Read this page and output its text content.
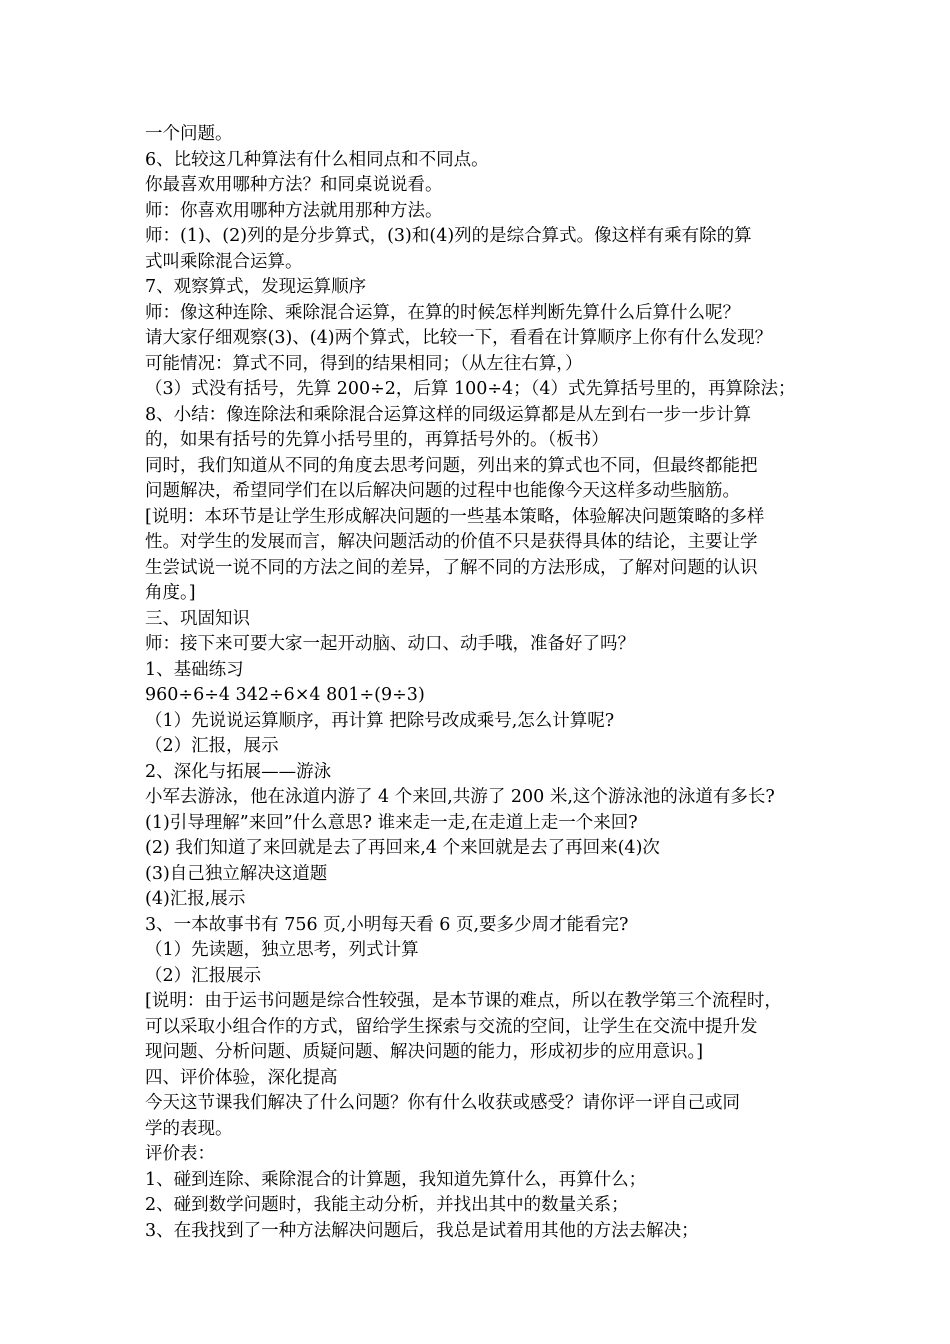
一个问题。
6、比较这几种算法有什么相同点和不同点。
你最喜欢用哪种方法？和同桌说说看。
师：你喜欢用哪种方法就用那种方法。
师：(1)、(2)列的是分步算式，(3)和(4)列的是综合算式。像这样有乘有除的算
式叫乘除混合运算。
7、观察算式，发现运算顺序
师：像这种连除、乘除混合运算，在算的时候怎样判断先算什么后算什么呢？
请大家仔细观察(3)、(4)两个算式，比较一下，看看在计算顺序上你有什么发现？
可能情况：算式不同，得到的结果相同；（从左往右算，）
（3）式没有括号，先算 200÷2，后算 100÷4；（4）式先算括号里的，再算除法；
8、小结：像连除法和乘除混合运算这样的同级运算都是从左到右一步一步计算
的，如果有括号的先算小括号里的，再算括号外的。（板书）
同时，我们知道从不同的角度去思考问题，列出来的算式也不同，但最终都能把
问题解决，希望同学们在以后解决问题的过程中也能像今天这样多动些脑筋。
[说明：本环节是让学生形成解决问题的一些基本策略，体验解决问题策略的多样
性。对学生的发展而言，解决问题活动的价值不只是获得具体的结论，主要让学
生尝试说一说不同的方法之间的差异，了解不同的方法形成，了解对问题的认识
角度。]
三、巩固知识
师：接下来可要大家一起开动脑、动口、动手哦，准备好了吗？
1、基础练习
960÷6÷4 342÷6×4 801÷(9÷3)
（1）先说说运算顺序，再计算 把除号改成乘号,怎么计算呢?
（2）汇报，展示
2、深化与拓展——游泳
小军去游泳，他在泳道内游了 4 个来回,共游了 200 米,这个游泳池的泳道有多长?
(1)引导理解”来回”什么意思? 谁来走一走,在走道上走一个来回?
(2) 我们知道了来回就是去了再回来,4 个来回就是去了再回来(4)次
(3)自己独立解决这道题
(4)汇报,展示
3、一本故事书有 756 页,小明每天看 6 页,要多少周才能看完?
（1）先读题，独立思考，列式计算
（2）汇报展示
[说明：由于运书问题是综合性较强，是本节课的难点，所以在教学第三个流程时，
可以采取小组合作的方式，留给学生探索与交流的空间，让学生在交流中提升发
现问题、分析问题、质疑问题、解决问题的能力，形成初步的应用意识。]
四、评价体验，深化提高
今天这节课我们解决了什么问题？你有什么收获或感受？请你评一评自己或同
学的表现。
评价表：
1、碰到连除、乘除混合的计算题，我知道先算什么，再算什么；
2、碰到数学问题时，我能主动分析，并找出其中的数量关系；
3、在我找到了一种方法解决问题后，我总是试着用其他的方法去解决；
